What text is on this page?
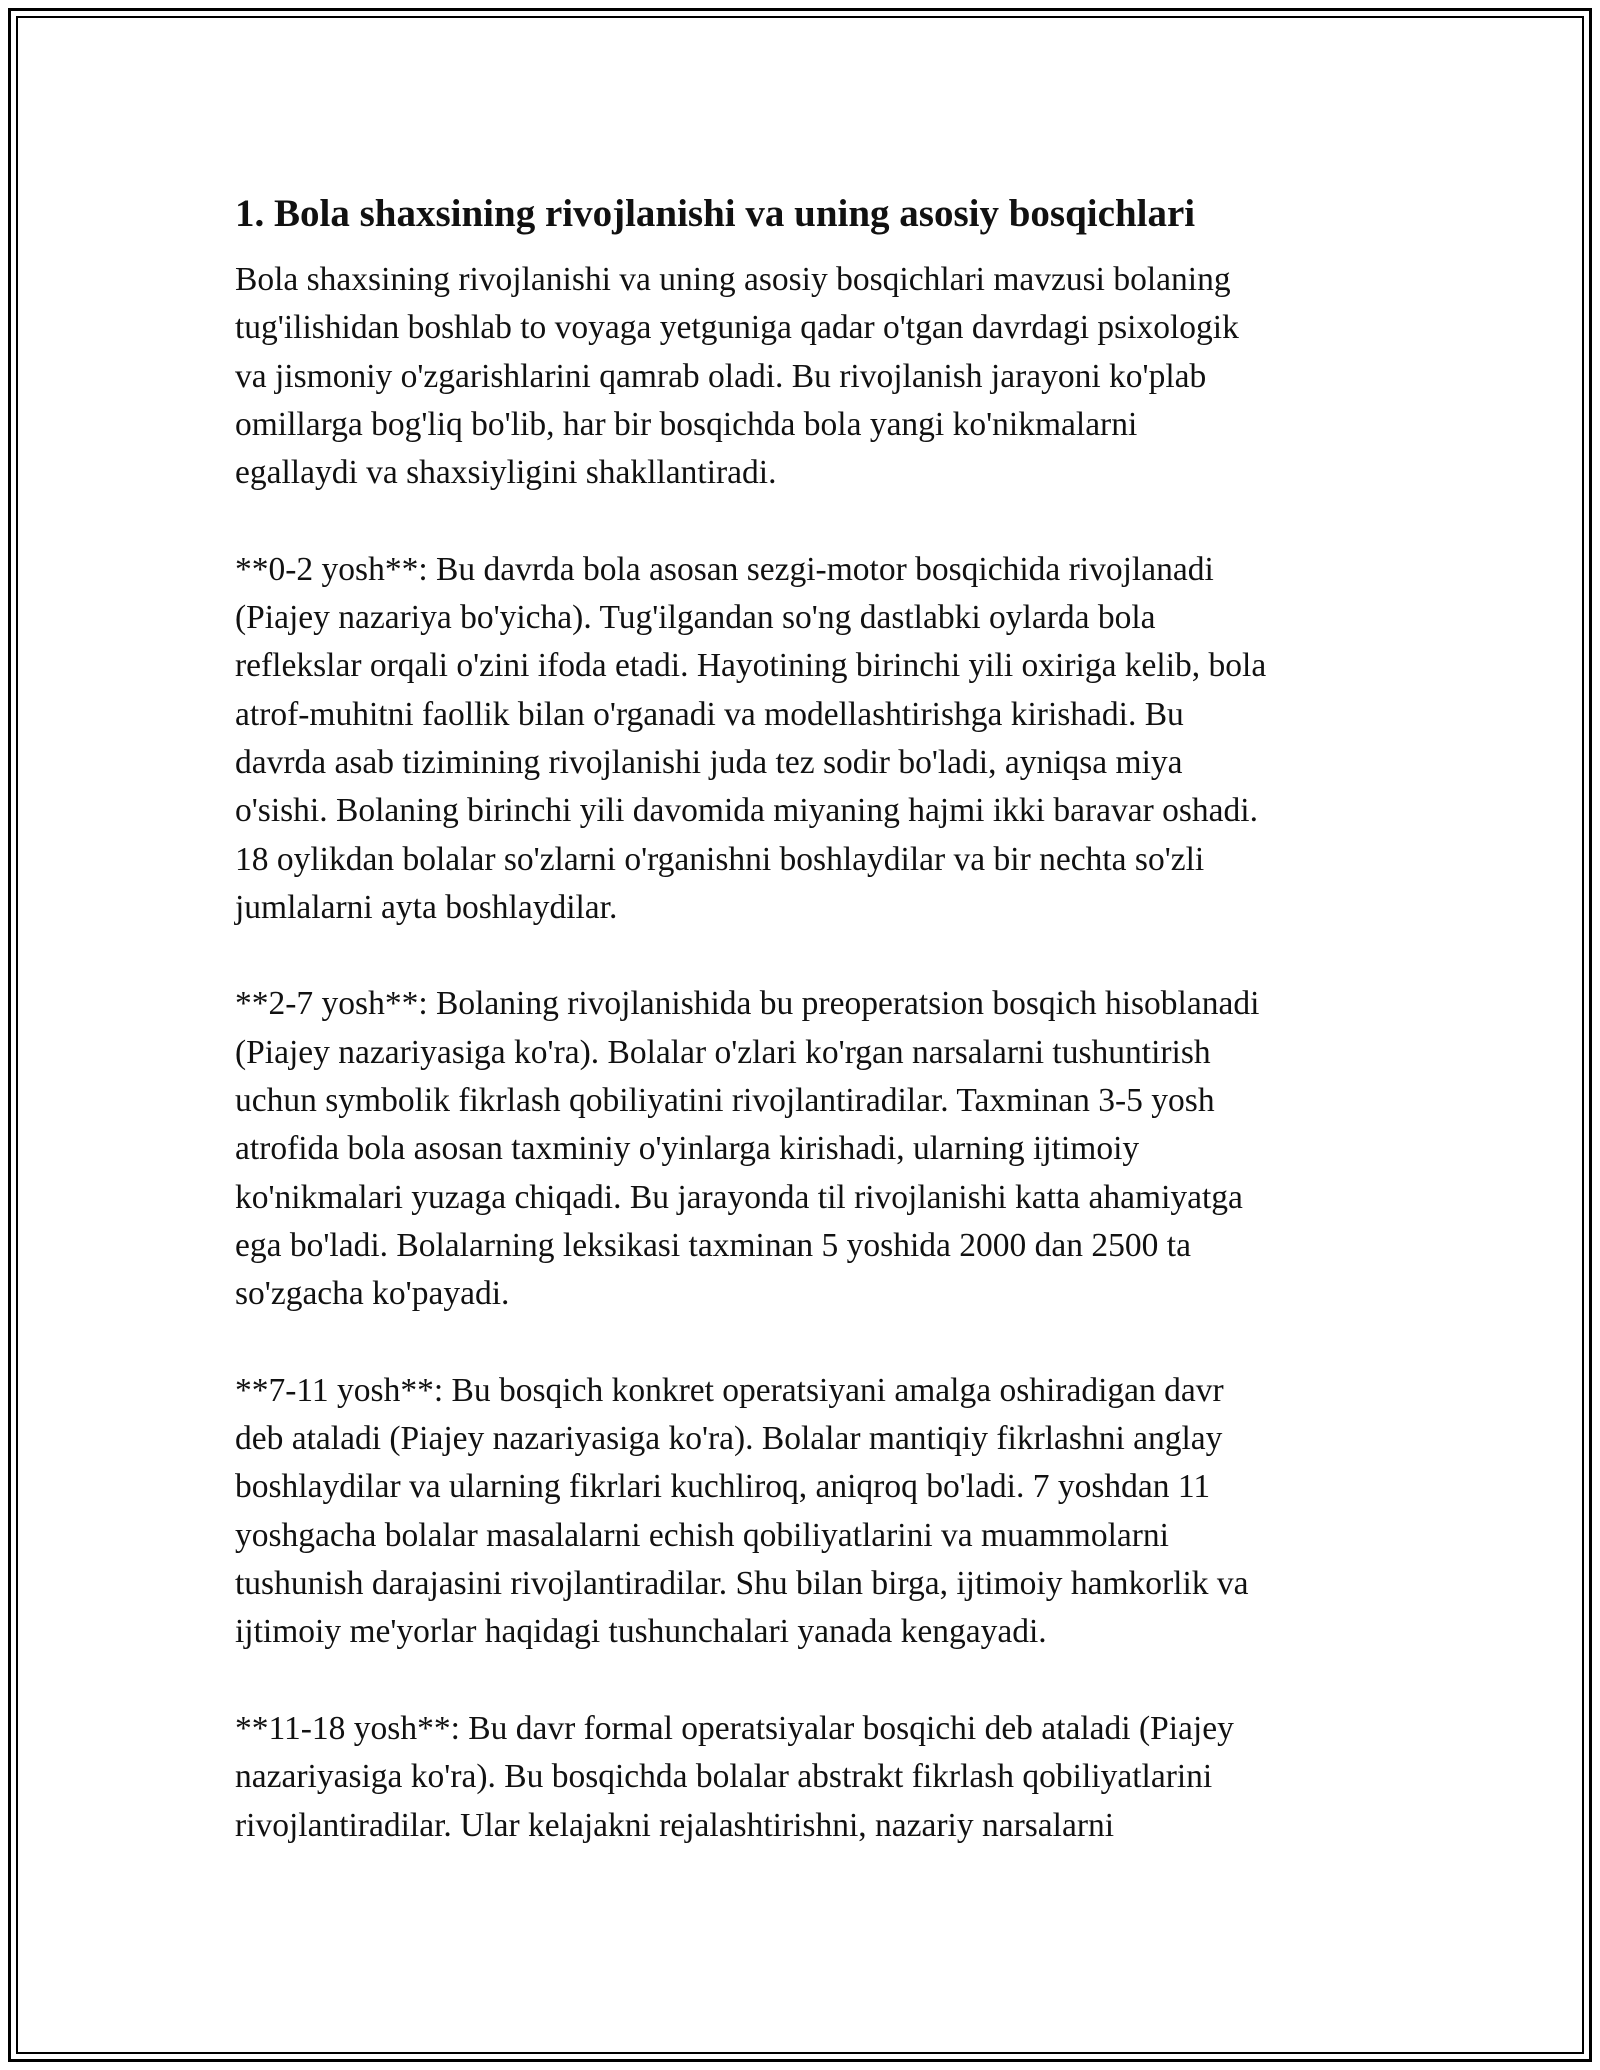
1. Bola shaxsining rivojlanishi va uning asosiy bosqichlari

Bola shaxsining rivojlanishi va uning asosiy bosqichlari mavzusi bolaning
tug'ilishidan boshlab to voyaga yetguniga qadar o'tgan davrdagi psixologik
va jismoniy o'zgarishlarini qamrab oladi. Bu rivojlanish jarayoni ko'plab
omillarga bog'liq bo'lib, har bir bosqichda bola yangi ko'nikmalarni
egallaydi va shaxsiyligini shakllantiradi.

**0-2 yosh**: Bu davrda bola asosan sezgi-motor bosqichida rivojlanadi
(Piajey nazariya bo'yicha). Tug'ilgandan so'ng dastlabki oylarda bola
reflekslar orqali o'zini ifoda etadi. Hayotining birinchi yili oxiriga kelib, bola
atrof-muhitni faollik bilan o'rganadi va modellashtirishga kirishadi. Bu
davrda asab tizimining rivojlanishi juda tez sodir bo'ladi, ayniqsa miya
o'sishi. Bolaning birinchi yili davomida miyaning hajmi ikki baravar oshadi.
18 oylikdan bolalar so'zlarni o'rganishni boshlaydilar va bir nechta so'zli
jumlalarni ayta boshlaydilar.

**2-7 yosh**: Bolaning rivojlanishida bu preoperatsion bosqich hisoblanadi
(Piajey nazariyasiga ko'ra). Bolalar o'zlari ko'rgan narsalarni tushuntirish
uchun symbolik fikrlash qobiliyatini rivojlantiradilar. Taxminan 3-5 yosh
atrofida bola asosan taxminiy o'yinlarga kirishadi, ularning ijtimoiy
ko'nikmalari yuzaga chiqadi. Bu jarayonda til rivojlanishi katta ahamiyatga
ega bo'ladi. Bolalarning leksikasi taxminan 5 yoshida 2000 dan 2500 ta
so'zgacha ko'payadi.

**7-11 yosh**: Bu bosqich konkret operatsiyani amalga oshiradigan davr
deb ataladi (Piajey nazariyasiga ko'ra). Bolalar mantiqiy fikrlashni anglay
boshlaydilar va ularning fikrlari kuchliroq, aniqroq bo'ladi. 7 yoshdan 11
yoshgacha bolalar masalalarni echish qobiliyatlarini va muammolarni
tushunish darajasini rivojlantiradilar. Shu bilan birga, ijtimoiy hamkorlik va
ijtimoiy me'yorlar haqidagi tushunchalari yanada kengayadi.

**11-18 yosh**: Bu davr formal operatsiyalar bosqichi deb ataladi (Piajey
nazariyasiga ko'ra). Bu bosqichda bolalar abstrakt fikrlash qobiliyatlarini
rivojlantiradilar. Ular kelajakni rejalashtirishni, nazariy narsalarni
